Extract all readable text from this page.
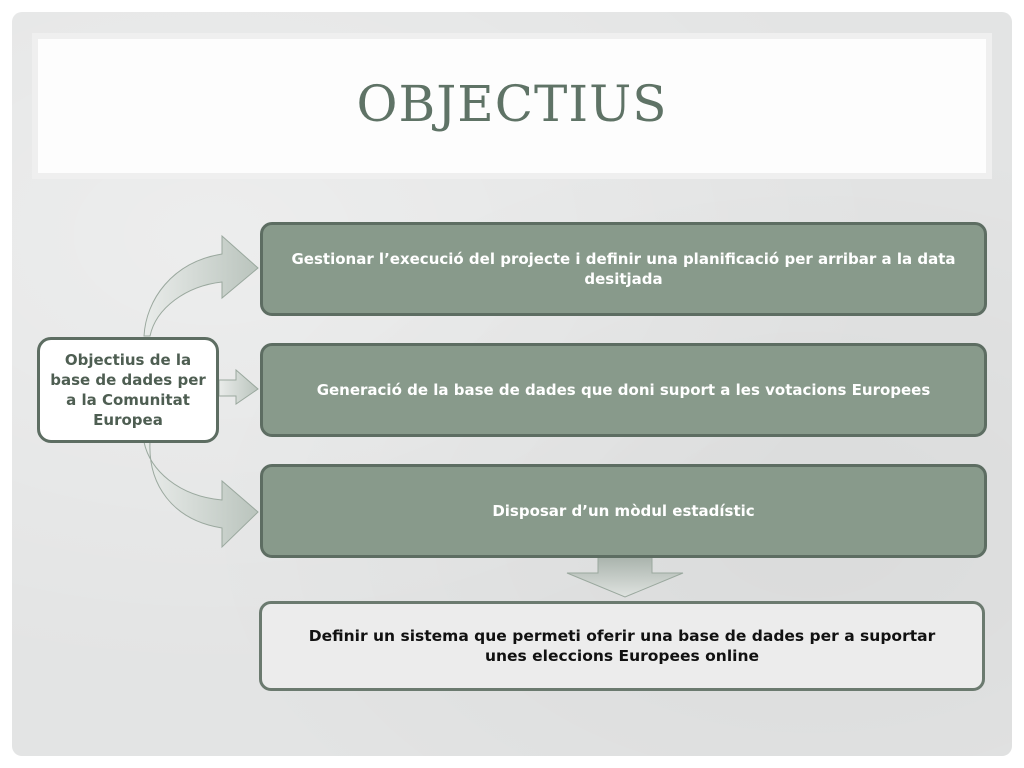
OBJECTIUS
Objectius de la base de dades per a la Comunitat Europea
Gestionar l’execució del projecte i definir una planificació per arribar a la data desitjada
Generació de la base de dades que doni suport a les votacions Europees
Disposar d’un mòdul estadístic
Definir un sistema que permeti oferir una base de dades per a suportar unes eleccions Europees online
